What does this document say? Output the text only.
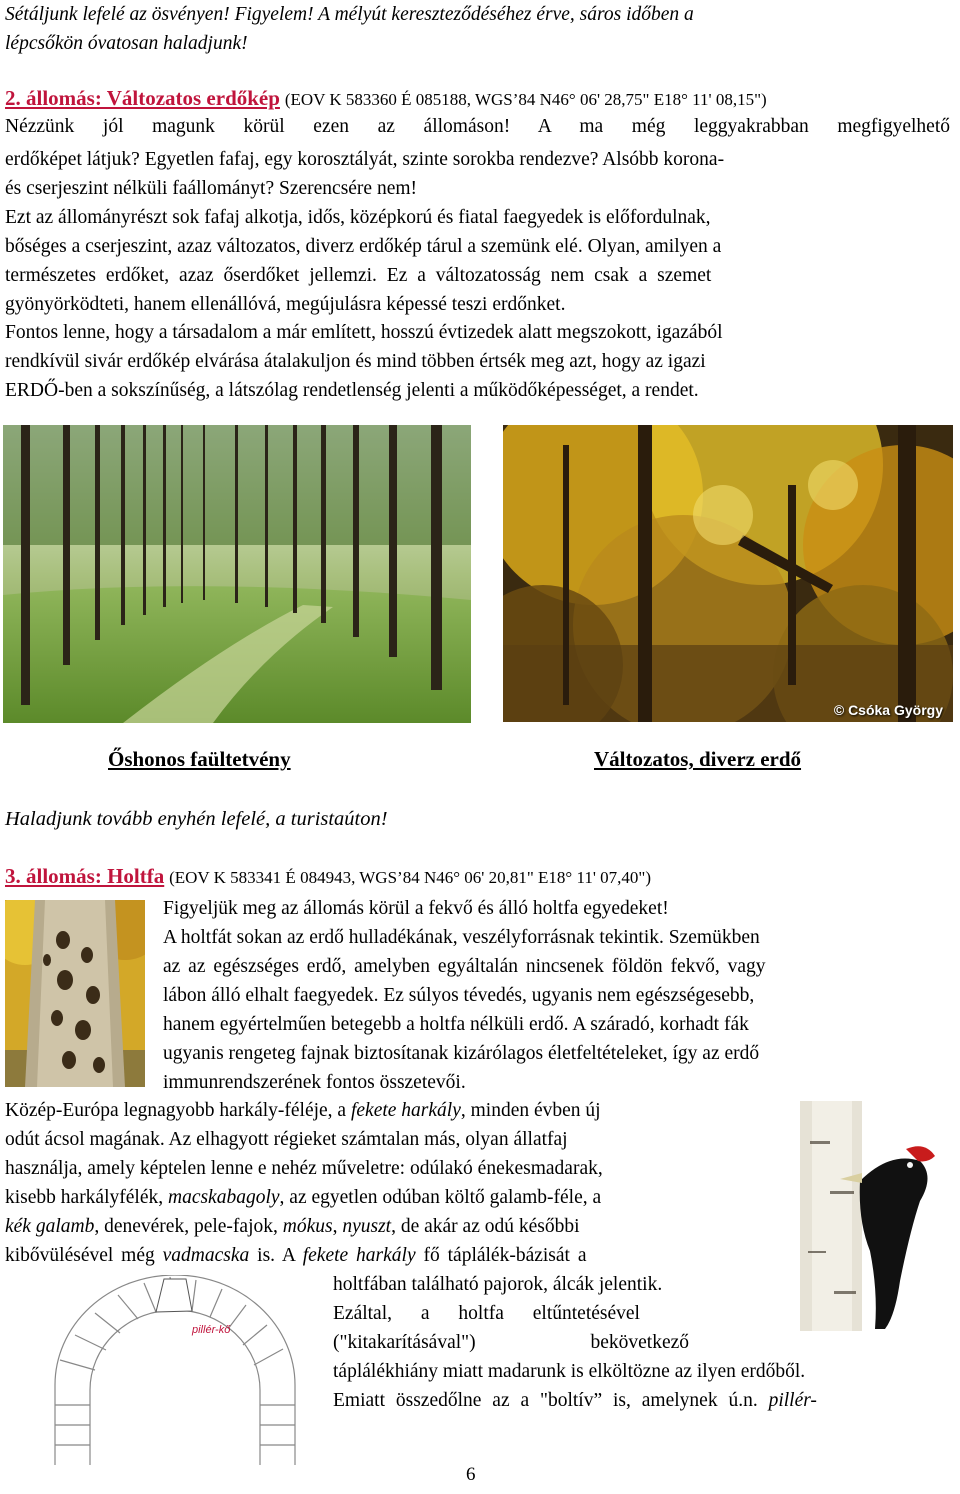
Sétáljunk lefelé az ösvényen! Figyelem! A mélyút kereszteződéséhez érve, sáros időben a
lépcsőkön óvatosan haladjunk!
2. állomás: Változatos erdőkép (EOV K 583360 É 085188, WGS’84 N46° 06' 28,75" E18° 11' 08,15")
Nézzünk jól magunk körül ezen az állomáson! A ma még leggyakrabban megfigyelhető
erdőképet látjuk? Egyetlen fafaj, egy korosztályát, szinte sorokba rendezve? Alsóbb korona-
és cserjeszint nélküli faállományt? Szerencsére nem!
Ezt az állományrészt sok fafaj alkotja, idős, középkorú és fiatal faegyedek is előfordulnak,
bőséges a cserjeszint, azaz változatos, diverz erdőkép tárul a szemünk elé. Olyan, amilyen a
természetes erdőket, azaz őserdőket jellemzi. Ez a változatosság nem csak a szemet
gyönyörködteti, hanem ellenállóvá, megújulásra képessé teszi erdőnket.
Fontos lenne, hogy a társadalom a már említett, hosszú évtizedek alatt megszokott, igazából
rendkívül sivár erdőkép elvárása átalakuljon és mind többen értsék meg azt, hogy az igazi
ERDŐ-ben a sokszínűség, a látszólag rendetlenség jelenti a működőképességet, a rendet.
© Csóka György
Őshonos faültetvény	Változatos, diverz erdő
Haladjunk tovább enyhén lefelé, a turistaúton!
3. állomás: Holtfa (EOV K 583341 É 084943, WGS’84 N46° 06' 20,81" E18° 11' 07,40")
Figyeljük meg az állomás körül a fekvő és álló holtfa egyedeket!
A holtfát sokan az erdő hulladékának, veszélyforrásnak tekintik. Szemükben
az az egészséges erdő, amelyben egyáltalán nincsenek földön fekvő, vagy
lábon álló elhalt faegyedek. Ez súlyos tévedés, ugyanis nem egészségesebb,
hanem egyértelműen betegebb a holtfa nélküli erdő. A száradó, korhadt fák
ugyanis rengeteg fajnak biztosítanak kizárólagos életfeltételeket, így az erdő
immunrendszerének fontos összetevői.
Közép-Európa legnagyobb harkály-féléje, a fekete harkály, minden évben új
odút ácsol magának. Az elhagyott régieket számtalan más, olyan állatfaj
használja, amely képtelen lenne e nehéz műveletre: odúlakó énekesmadarak,
kisebb harkályfélék, macskabagoly, az egyetlen odúban költő galamb-féle, a
kék galamb, denevérek, pele-fajok, mókus, nyuszt, de akár az odú későbbi
kibővülésével még vadmacska is. A fekete harkály fő táplálék-bázisát a
holtfában található pajorok, álcák jelentik.
Ezáltal, a holtfa eltűntetésével
("kitakarításával") bekövetkező
táplálékhiány miatt madarunk is elköltözne az ilyen erdőből.
Emiatt összedőlne az a "boltív” is, amelynek ú.n. pillér-
pillér-kő
6
